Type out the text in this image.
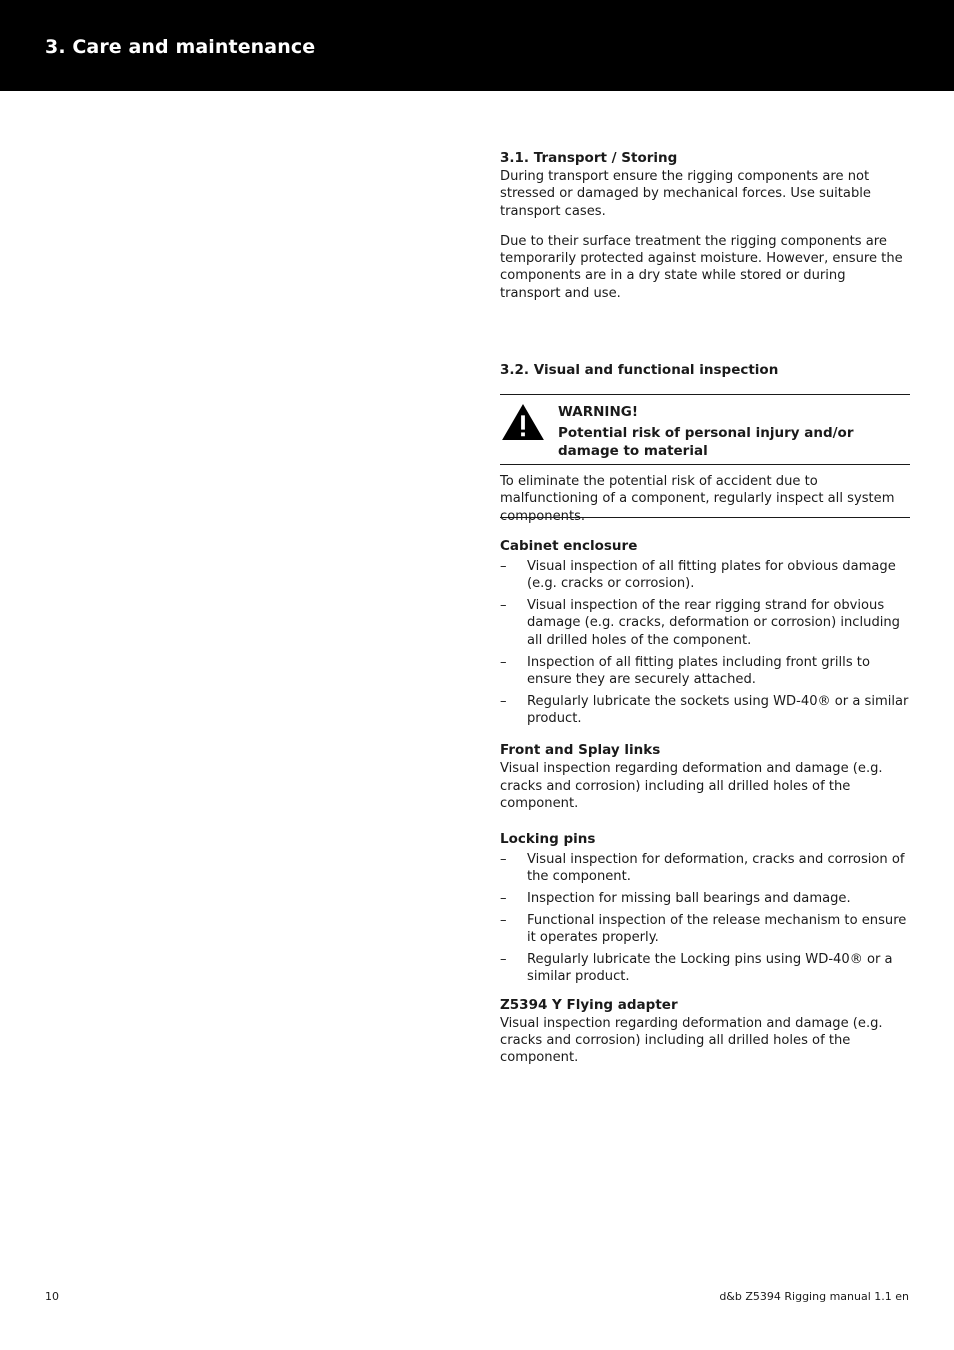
3. Care and maintenance
3.1. Transport / Storing

During transport ensure the rigging components are not stressed or damaged by mechanical forces. Use suitable transport cases.

Due to their surface treatment the rigging components are temporarily protected against moisture. However, ensure the components are in a dry state while stored or during transport and use.

3.2. Visual and functional inspection
WARNING!
Potential risk of personal injury and/or damage to material

To eliminate the potential risk of accident due to malfunctioning of a component, regularly inspect all system components.

Cabinet enclosure
– Visual inspection of all fitting plates for obvious damage (e.g. cracks or corrosion).
– Visual inspection of the rear rigging strand for obvious damage (e.g. cracks, deformation or corrosion) including all drilled holes of the component.
– Inspection of all fitting plates including front grills to ensure they are securely attached.
– Regularly lubricate the sockets using WD-40® or a similar product.
Front and Splay links

Visual inspection regarding deformation and damage (e.g. cracks and corrosion) including all drilled holes of the component.

Locking pins
– Visual inspection for deformation, cracks and corrosion of the component.
– Inspection for missing ball bearings and damage.
– Functional inspection of the release mechanism to ensure it operates properly.
– Regularly lubricate the Locking pins using WD-40® or a similar product.
Z5394 Y Flying adapter

Visual inspection regarding deformation and damage (e.g. cracks and corrosion) including all drilled holes of the component.

10	d&b Z5394 Rigging manual 1.1 en
